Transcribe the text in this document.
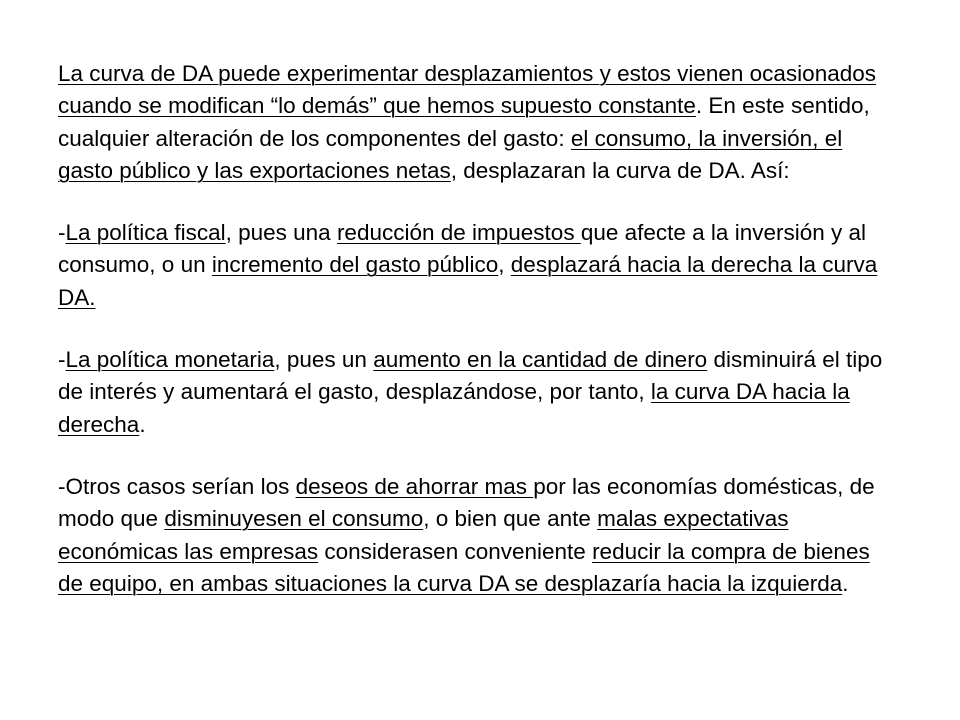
La curva de DA puede experimentar desplazamientos y estos vienen ocasionados cuando se modifican “lo demás” que hemos supuesto constante. En este sentido, cualquier alteración de los componentes del gasto: el consumo, la inversión, el gasto público y las exportaciones netas, desplazaran la curva de DA. Así:

-La política fiscal, pues una reducción de impuestos que afecte a la inversión y al consumo, o un incremento del gasto público, desplazará hacia la derecha la curva DA.

-La política monetaria, pues un aumento en la cantidad de dinero disminuirá el tipo de interés y aumentará el gasto, desplazándose, por tanto, la curva DA hacia la derecha.

-Otros casos serían los deseos de ahorrar mas por las economías domésticas, de modo que disminuyesen el consumo, o bien que ante malas expectativas económicas las empresas considerasen conveniente reducir la compra de bienes de equipo, en ambas situaciones la curva DA se desplazaría hacia la izquierda.
